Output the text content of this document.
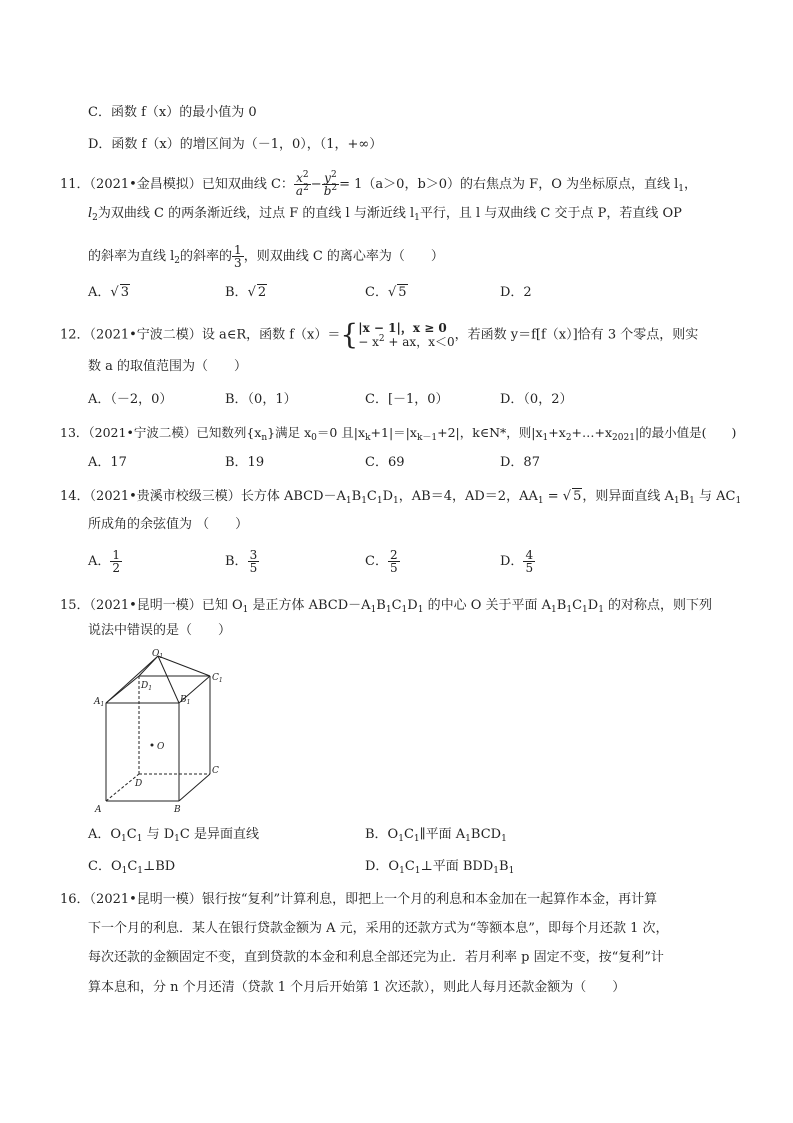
C．函数 f（x）的最小值为 0
D．函数 f（x）的增区间为（－1，0），（1，+∞）
11．（2021•金昌模拟）已知双曲线 C： $\frac{x^2}{a^2} - \frac{y^2}{b^2} = 1(a>0$，b＞0）的右焦点为 F，O 为坐标原点，直线 $l_1$，
$l_2$为双曲线 C 的两条渐近线，过点 F 的直线 l 与渐近线 $l_1$平行，且 l 与双曲线 C 交于点 P，若直线 OP
的斜率为直线 $l_2$的斜率的 $\frac{1}{3}$ ，则双曲线 C 的离心率为（　　）
A．√ 3	B．√ 2	C．√ 5	D．2
12．（2021•宁波二模）设 a∈R，函数 f（x）＝{ |x − 1|，x ≥ 0
− $x^2$ + ax，x＜0 ，若函数 y＝f[f（x）]恰有 3 个零点，则实
数 a 的取值范围为（　　）
A．（－2，0）	B．（0，1）	C．[－1，0）	D．（0，2）
13．（2021•宁波二模）已知数列$\{x_n\}$满足 $x_0=0$ 且$|x_k+1|=|x_{k-1}+2|$，k∈N*，则$|x_1+x_2+\dots+x_{2021}|$的最小值是(　　)
A．17	B．19	C．69	D．87
14．（2021•贵溪市校级三模）长方体 $ABCD-A_1B_1C_1D_1$，AB＝4，AD＝2，$AA_1$ = √ 5，则异面直线 $A_1B_1$ 与 $AC_1$
所成角的余弦值为 （　　）
A． $\frac{1}{2}$	B． $\frac{3}{5}$	C． $\frac{2}{5}$	D． $\frac{4}{5}$
15．（2021•昆明一模）已知 $O_1$ 是正方体 $ABCD-A_1B_1C_1D_1$ 的中心 O 关于平面 $A_1B_1C_1D_1$ 的对称点，则下列
说法中错误的是（　　）
$O_1$
$D_1$
$C_1$
$A_1$	$B_1$
O
D
C
A	B
A．$O_1C_1$ 与 $D_1C$ 是异面直线	B．$O_1C_1\parallel$平面 $A_1BCD_1$
C．$O_1C_1\perp BD$	D．$O_1C_1\perp$平面 $BDD_1B_1$
16．（2021•昆明一模）银行按“复利”计算利息，即把上一个月的利息和本金加在一起算作本金，再计算
下一个月的利息．某人在银行贷款金额为 A 元，采用的还款方式为“等额本息”，即每个月还款 1 次，
每次还款的金额固定不变，直到贷款的本金和利息全部还完为止．若月利率 p 固定不变，按“复利”计
算本息和，分 n 个月还清（贷款 1 个月后开始第 1 次还款），则此人每月还款金额为（　　）
